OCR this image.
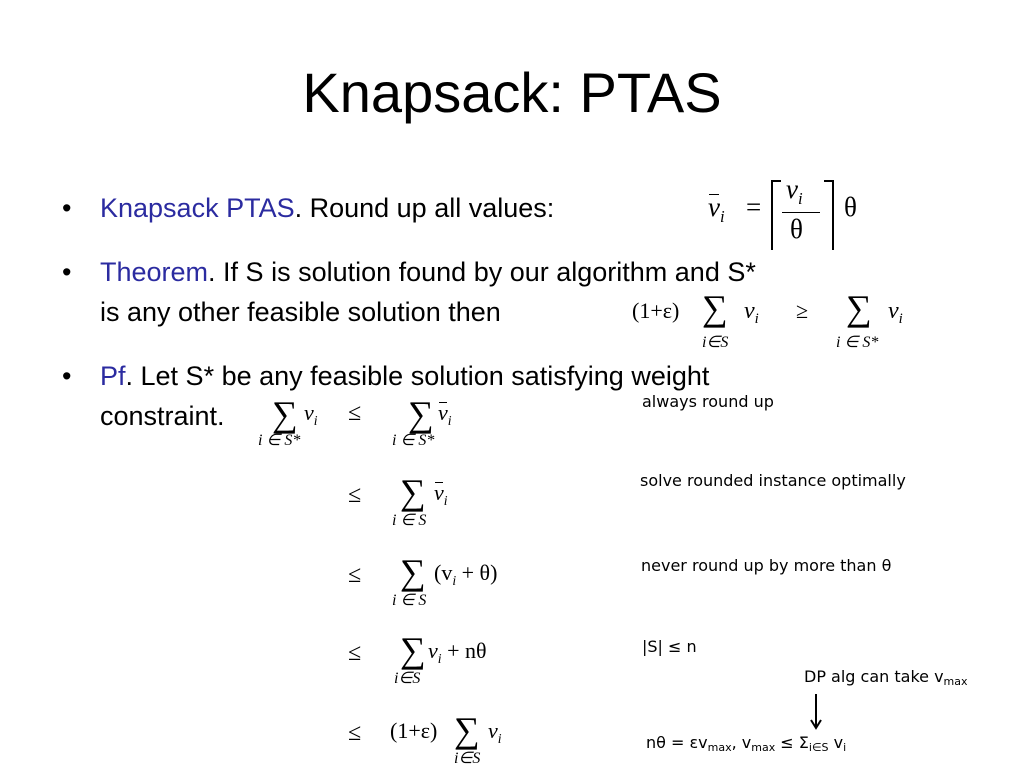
Knapsack: PTAS
• Knapsack PTAS. Round up all values:	$v_i$ =
$v_i$
θ
θ
• Theorem. If S is solution found by our algorithm and S*
is any other feasible solution then	(1+ε) ∑
i∈S
$v_i$ ≥ ∑
i ∈ S*
$v_i$
• Pf. Let S* be any feasible solution satisfying weight
constraint.	∑
i ∈ S*
$v_i$ ≤ ∑
i ∈ S*
$v_i$
always round up
≤ ∑
i ∈ S
$v_i$
solve rounded instance optimally
≤ ∑
i ∈ S
$(v_i + \theta)$	never round up by more than θ
≤ ∑
i∈S
$v_i + n\theta$	|S| ≤ n
DP alg can take vmax
≤ (1+ε) ∑
i∈S
$v_i$	nθ = εvmax, vmax ≤ Σi∈S vi
